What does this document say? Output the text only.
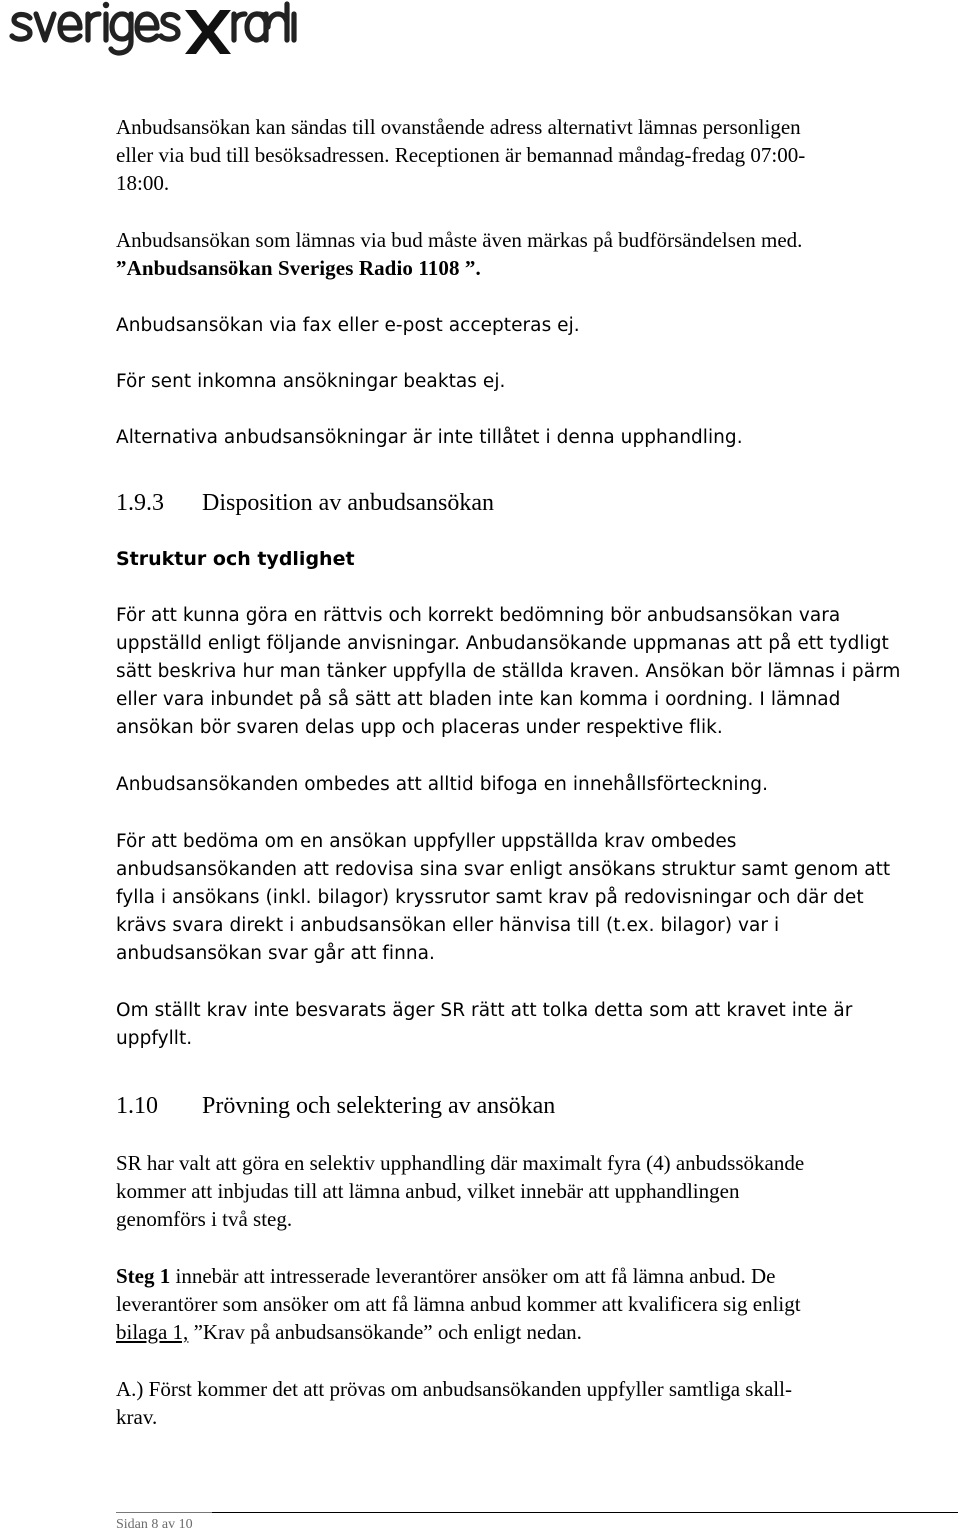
Anbudsansökan kan sändas till ovanstående adress alternativt lämnas personligen
eller via bud till besöksadressen. Receptionen är bemannad måndag-fredag 07:00-
18:00.
Anbudsansökan som lämnas via bud måste även märkas på budförsändelsen med.
”Anbudsansökan Sveriges Radio 1108 ”.
Anbudsansökan via fax eller e-post accepteras ej.
För sent inkomna ansökningar beaktas ej.
Alternativa anbudsansökningar är inte tillåtet i denna upphandling.
1.9.3 Disposition av anbudsansökan
Struktur och tydlighet
För att kunna göra en rättvis och korrekt bedömning bör anbudsansökan vara
uppställd enligt följande anvisningar. Anbudansökande uppmanas att på ett tydligt
sätt beskriva hur man tänker uppfylla de ställda kraven. Ansökan bör lämnas i pärm
eller vara inbundet på så sätt att bladen inte kan komma i oordning. I lämnad
ansökan bör svaren delas upp och placeras under respektive flik.
Anbudsansökanden ombedes att alltid bifoga en innehållsförteckning.
För att bedöma om en ansökan uppfyller uppställda krav ombedes
anbudsansökanden att redovisa sina svar enligt ansökans struktur samt genom att
fylla i ansökans (inkl. bilagor) kryssrutor samt krav på redovisningar och där det
krävs svara direkt i anbudsansökan eller hänvisa till (t.ex. bilagor) var i
anbudsansökan svar går att finna.
Om ställt krav inte besvarats äger SR rätt att tolka detta som att kravet inte är
uppfyllt.
1.10 Prövning och selektering av ansökan
SR har valt att göra en selektiv upphandling där maximalt fyra (4) anbudssökande
kommer att inbjudas till att lämna anbud, vilket innebär att upphandlingen
genomförs i två steg.
Steg 1 innebär att intresserade leverantörer ansöker om att få lämna anbud. De
leverantörer som ansöker om att få lämna anbud kommer att kvalificera sig enligt
bilaga 1, ”Krav på anbudsansökande” och enligt nedan.
A.) Först kommer det att prövas om anbudsansökanden uppfyller samtliga skall-
krav.
Sidan 8 av 10
